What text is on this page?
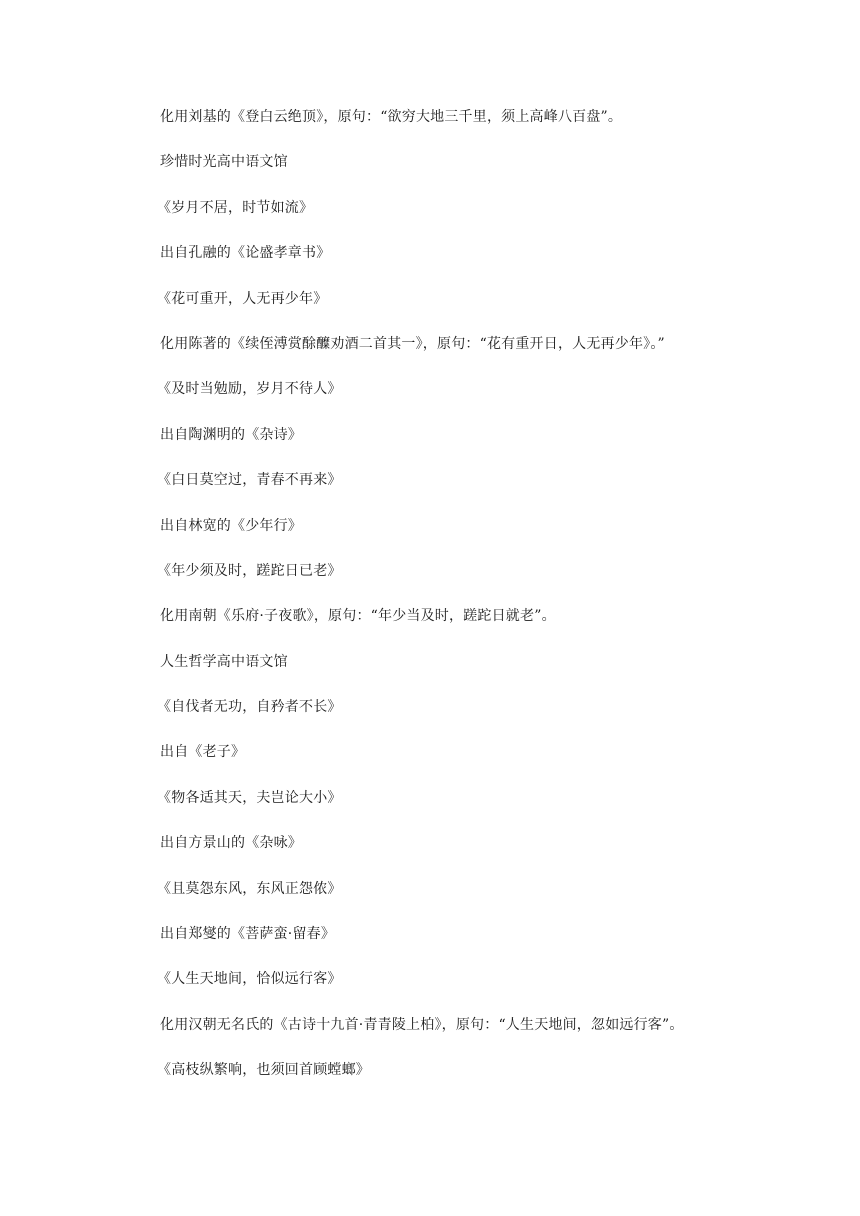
化用刘基的《登白云绝顶》，原句：“欲穷大地三千里，须上高峰八百盘”。
珍惜时光高中语文馆
《岁月不居，时节如流》
出自孔融的《论盛孝章书》
《花可重开，人无再少年》
化用陈著的《续侄溥赏酴醾劝酒二首其一》，原句：“花有重开日，人无再少年》。”
《及时当勉励，岁月不待人》
出自陶渊明的《杂诗》
《白日莫空过，青春不再来》
出自林宽的《少年行》
《年少须及时，蹉跎日已老》
化用南朝《乐府·子夜歌》，原句：“年少当及时，蹉跎日就老”。
人生哲学高中语文馆
《自伐者无功，自矜者不长》
出自《老子》
《物各适其天，夫岂论大小》
出自方景山的《杂咏》
《且莫怨东风，东风正怨侬》
出自郑燮的《菩萨蛮·留春》
《人生天地间，恰似远行客》
化用汉朝无名氏的《古诗十九首·青青陵上柏》，原句：“人生天地间，忽如远行客”。
《高枝纵繁响，也须回首顾螳螂》
